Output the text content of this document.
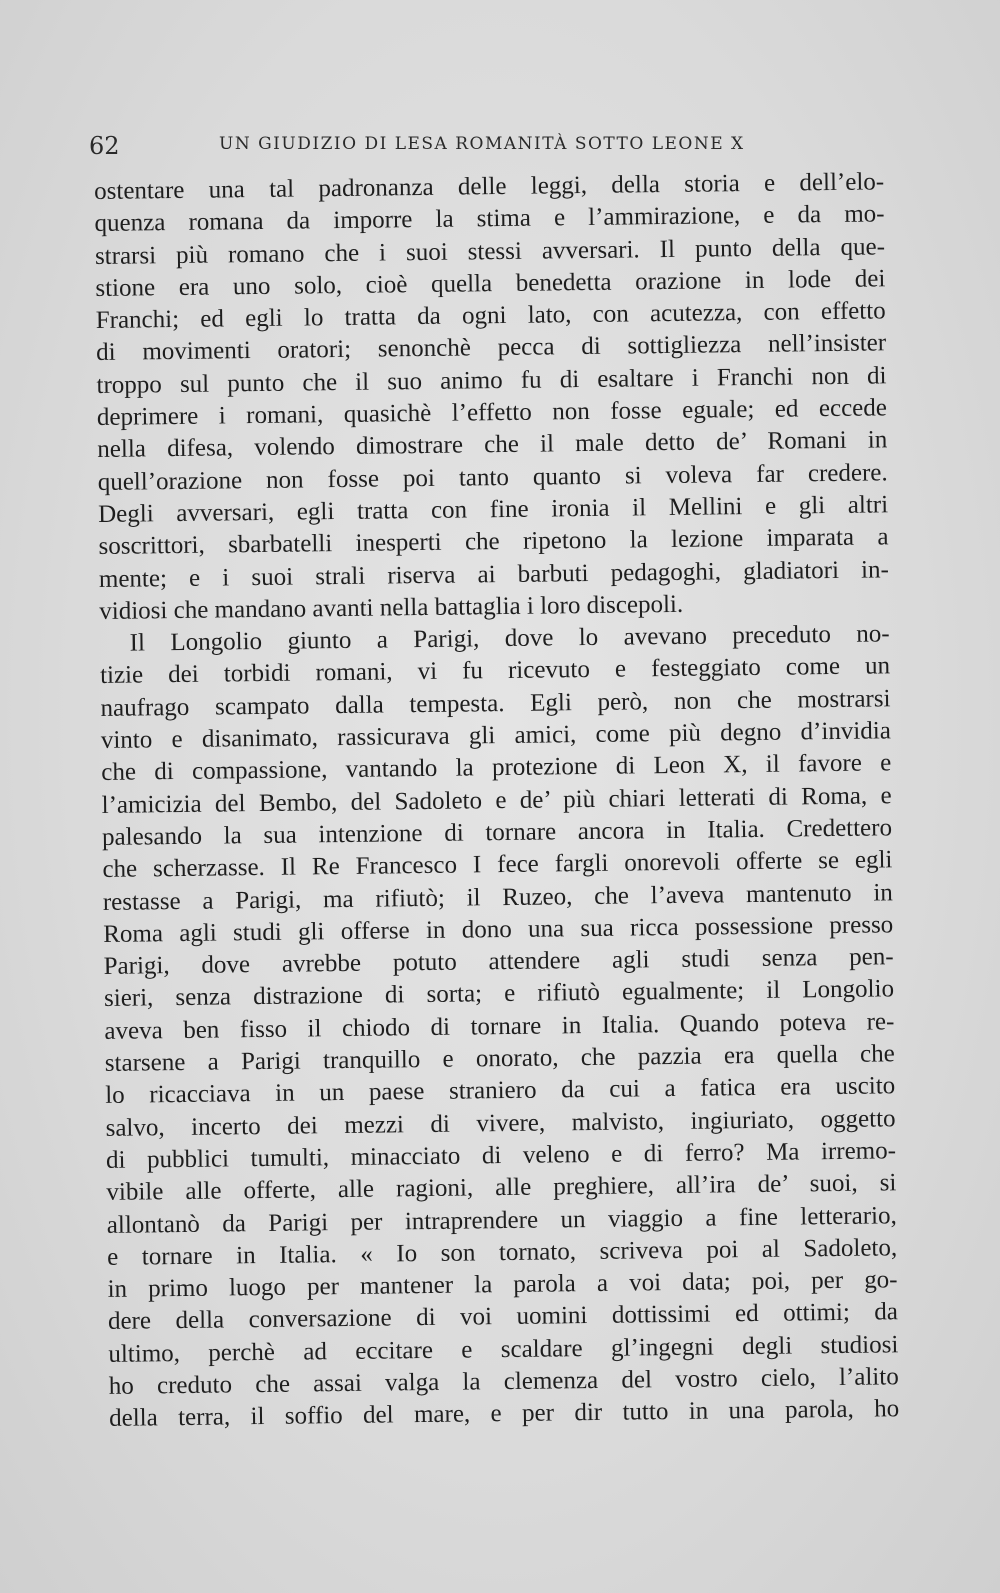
62	UN GIUDIZIO DI LESA ROMANITÀ SOTTO LEONE X
ostentare una tal padronanza delle leggi, della storia e dell’elo-
quenza romana da imporre la stima e l’ammirazione, e da mo-
strarsi più romano che i suoi stessi avversari. Il punto della que-
stione era uno solo, cioè quella benedetta orazione in lode dei
Franchi; ed egli lo tratta da ogni lato, con acutezza, con effetto
di movimenti oratori; senonchè pecca di sottigliezza nell’insister
troppo sul punto che il suo animo fu di esaltare i Franchi non di
deprimere i romani, quasichè l’effetto non fosse eguale; ed eccede
nella difesa, volendo dimostrare che il male detto de’ Romani in
quell’orazione non fosse poi tanto quanto si voleva far credere.
Degli avversari, egli tratta con fine ironia il Mellini e gli altri
soscrittori, sbarbatelli inesperti che ripetono la lezione imparata a
mente; e i suoi strali riserva ai barbuti pedagoghi, gladiatori in-
vidiosi che mandano avanti nella battaglia i loro discepoli.
Il Longolio giunto a Parigi, dove lo avevano preceduto no-
tizie dei torbidi romani, vi fu ricevuto e festeggiato come un
naufrago scampato dalla tempesta. Egli però, non che mostrarsi
vinto e disanimato, rassicurava gli amici, come più degno d’invidia
che di compassione, vantando la protezione di Leon X, il favore e
l’amicizia del Bembo, del Sadoleto e de’ più chiari letterati di Roma, e
palesando la sua intenzione di tornare ancora in Italia. Credettero
che scherzasse. Il Re Francesco I fece fargli onorevoli offerte se egli
restasse a Parigi, ma rifiutò; il Ruzeo, che l’aveva mantenuto in
Roma agli studi gli offerse in dono una sua ricca possessione presso
Parigi, dove avrebbe potuto attendere agli studi senza pen-
sieri, senza distrazione di sorta; e rifiutò egualmente; il Longolio
aveva ben fisso il chiodo di tornare in Italia. Quando poteva re-
starsene a Parigi tranquillo e onorato, che pazzia era quella che
lo ricacciava in un paese straniero da cui a fatica era uscito
salvo, incerto dei mezzi di vivere, malvisto, ingiuriato, oggetto
di pubblici tumulti, minacciato di veleno e di ferro? Ma irremo-
vibile alle offerte, alle ragioni, alle preghiere, all’ira de’ suoi, si
allontanò da Parigi per intraprendere un viaggio a fine letterario,
e tornare in Italia. « Io son tornato, scriveva poi al Sadoleto,
in primo luogo per mantener la parola a voi data; poi, per go-
dere della conversazione di voi uomini dottissimi ed ottimi; da
ultimo, perchè ad eccitare e scaldare gl’ingegni degli studiosi
ho creduto che assai valga la clemenza del vostro cielo, l’alito
della terra, il soffio del mare, e per dir tutto in una parola, ho
